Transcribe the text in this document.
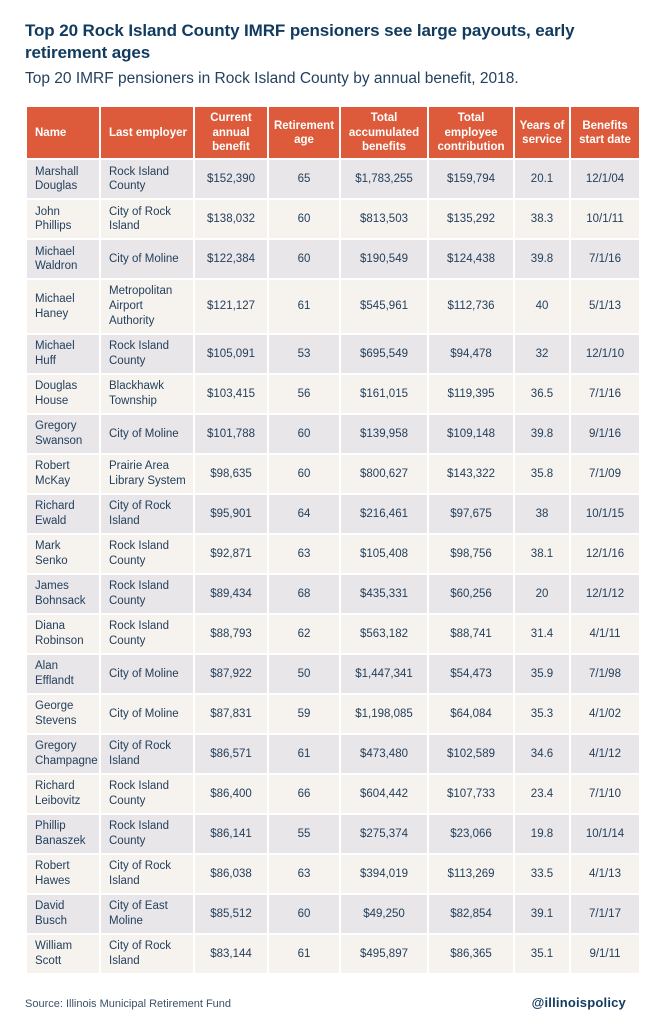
Top 20 Rock Island County IMRF pensioners see large payouts, early retirement ages

Top 20 IMRF pensioners in Rock Island County by annual benefit, 2018.

Name	Last employer	Current annual benefit	Retirement age	Total accumulated benefits	Total employee contribution	Years of service	Benefits start date
Marshall Douglas	Rock Island County	$152,390	65	$1,783,255	$159,794	20.1	12/1/04
John Phillips	City of Rock Island	$138,032	60	$813,503	$135,292	38.3	10/1/11
Michael Waldron	City of Moline	$122,384	60	$190,549	$124,438	39.8	7/1/16
Michael Haney	Metropolitan Airport Authority	$121,127	61	$545,961	$112,736	40	5/1/13
Michael Huff	Rock Island County	$105,091	53	$695,549	$94,478	32	12/1/10
Douglas House	Blackhawk Township	$103,415	56	$161,015	$119,395	36.5	7/1/16
Gregory Swanson	City of Moline	$101,788	60	$139,958	$109,148	39.8	9/1/16
Robert McKay	Prairie Area Library System	$98,635	60	$800,627	$143,322	35.8	7/1/09
Richard Ewald	City of Rock Island	$95,901	64	$216,461	$97,675	38	10/1/15
Mark Senko	Rock Island County	$92,871	63	$105,408	$98,756	38.1	12/1/16
James Bohnsack	Rock Island County	$89,434	68	$435,331	$60,256	20	12/1/12
Diana Robinson	Rock Island County	$88,793	62	$563,182	$88,741	31.4	4/1/11
Alan Efflandt	City of Moline	$87,922	50	$1,447,341	$54,473	35.9	7/1/98
George Stevens	City of Moline	$87,831	59	$1,198,085	$64,084	35.3	4/1/02
Gregory Champagne	City of Rock Island	$86,571	61	$473,480	$102,589	34.6	4/1/12
Richard Leibovitz	Rock Island County	$86,400	66	$604,442	$107,733	23.4	7/1/10
Phillip Banaszek	Rock Island County	$86,141	55	$275,374	$23,066	19.8	10/1/14
Robert Hawes	City of Rock Island	$86,038	63	$394,019	$113,269	33.5	4/1/13
David Busch	City of East Moline	$85,512	60	$49,250	$82,854	39.1	7/1/17
William Scott	City of Rock Island	$83,144	61	$495,897	$86,365	35.1	9/1/11
Source: Illinois Municipal Retirement Fund	@illinoispolicy
